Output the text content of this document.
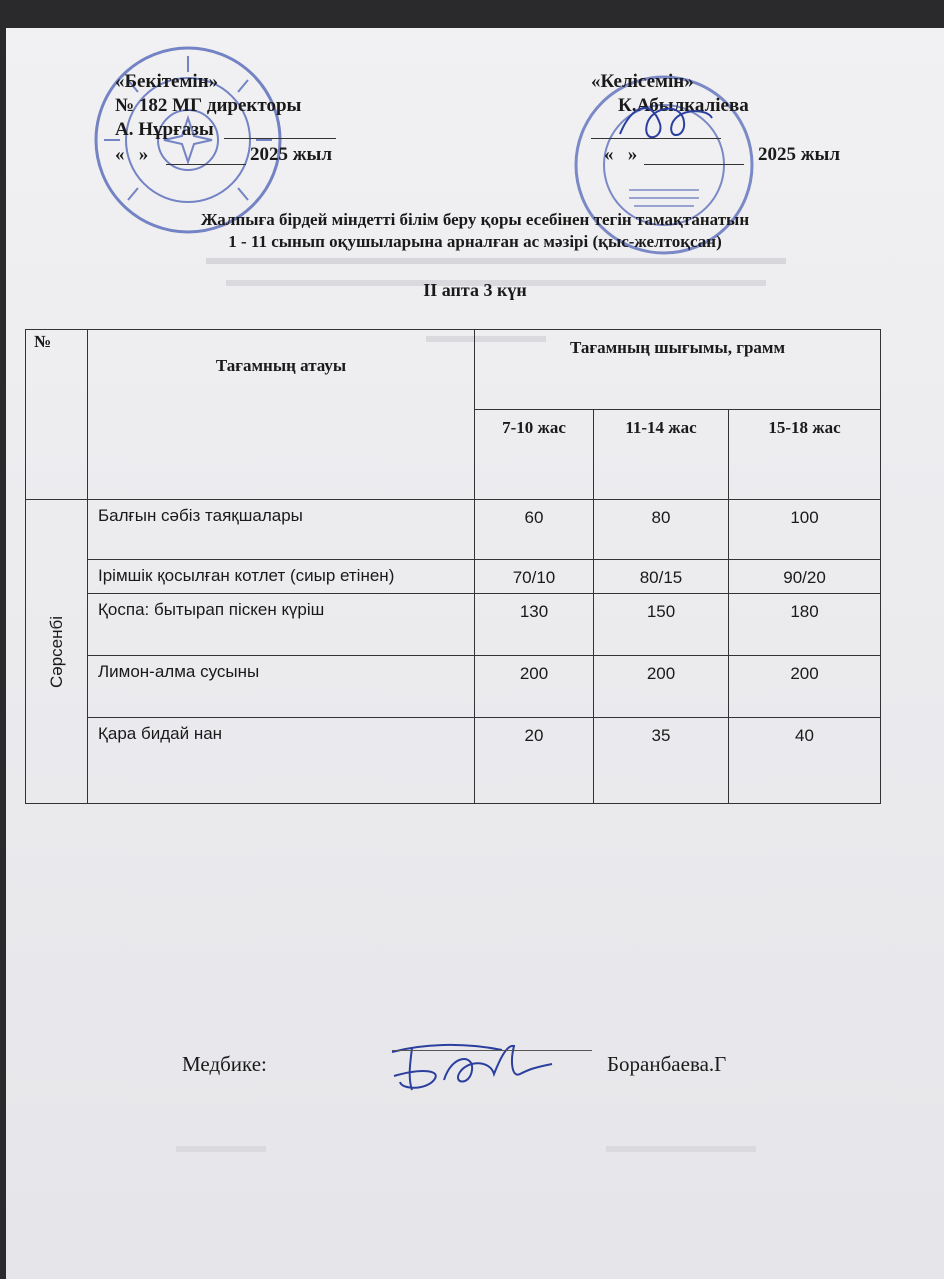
«Бекітемін»
№ 182 МГ директоры
А. Нұрғазы
«   »	2025 жыл
«Келісемін»
К.Абылкаліева
«   »	2025 жыл
Жалпыға бірдей міндетті білім беру қоры есебінен тегін тамақтанатын
1 - 11 сынып оқушыларына арналған ас мәзірі (қыс-желтоқсан)
II апта 3 күн
№	Тағамның атауы	Тағамның шығымы, грамм		
		7-10 жас	11-14 жас	15-18 жас

Сәрсенбі	Балғын сәбіз таяқшалары	60	80	100
	Ірімшік қосылған котлет (сиыр етінен)	70/10	80/15	90/20
	Қоспа: бытырап піскен күріш	130	150	180
	Лимон-алма сусыны	200	200	200
	Қара бидай нан	20	35	40
Медбике:	Боранбаева.Г
